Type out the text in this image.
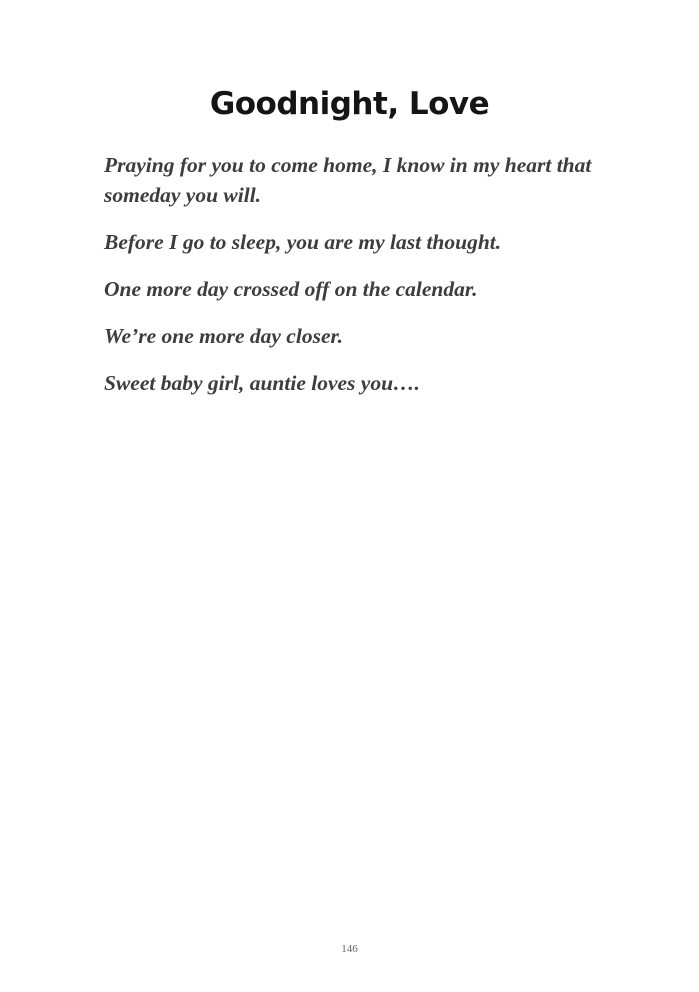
Goodnight, Love

Praying for you to come home, I know in my heart that someday you will.

Before I go to sleep, you are my last thought.

One more day crossed off on the calendar.

We’re one more day closer.

Sweet baby girl, auntie loves you….

146
